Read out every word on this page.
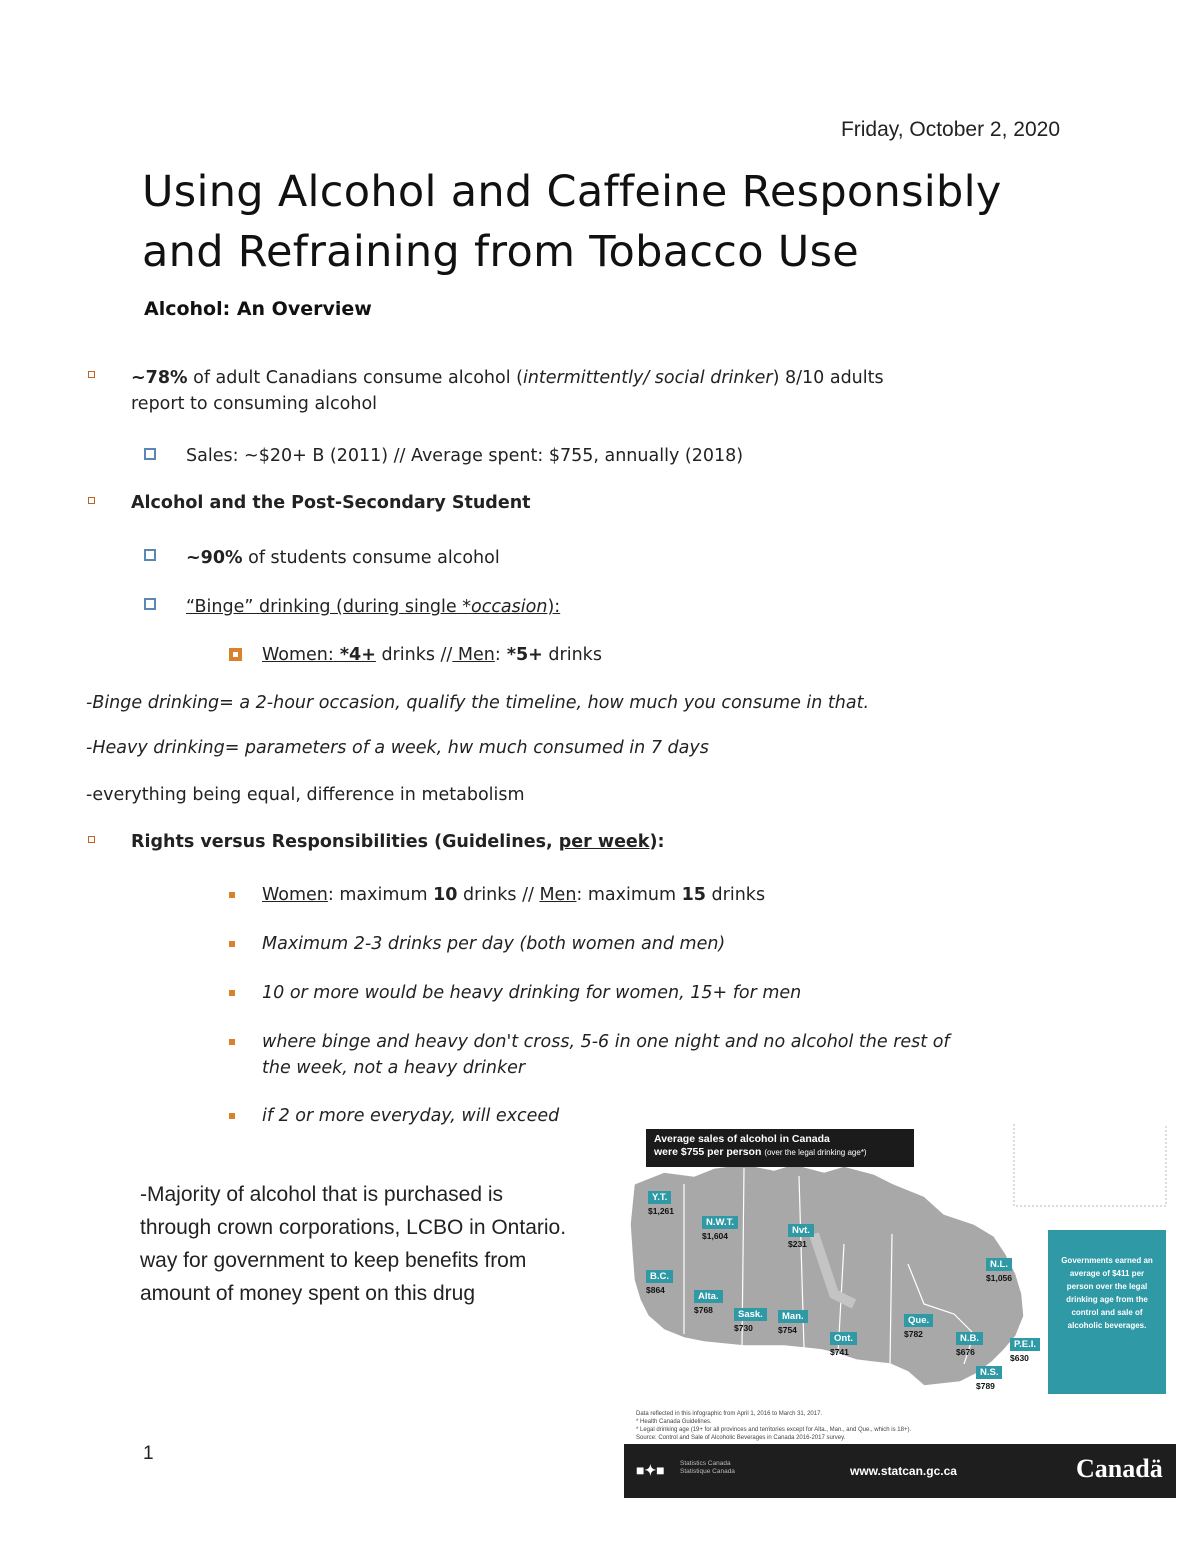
Friday, October 2, 2020
Using Alcohol and Caffeine Responsibly
and Refraining from Tobacco Use
Alcohol: An Overview
~78% of adult Canadians consume alcohol (intermittently/ social drinker) 8/10 adults
report to consuming alcohol
Sales: ~$20+ B (2011) // Average spent: $755, annually (2018)
Alcohol and the Post-Secondary Student
~90% of students consume alcohol
“Binge” drinking (during single *occasion):
Women: *4+ drinks // Men: *5+ drinks
-Binge drinking= a 2-hour occasion, qualify the timeline, how much you consume in that.
-Heavy drinking= parameters of a week, hw much consumed in 7 days
-everything being equal, difference in metabolism
Rights versus Responsibilities (Guidelines, per week):
Women: maximum 10 drinks // Men: maximum 15 drinks
Maximum 2-3 drinks per day (both women and men)
10 or more would be heavy drinking for women, 15+ for men
where binge and heavy don't cross, 5-6 in one night and no alcohol the rest of
the week, not a heavy drinker
if 2 or more everyday, will exceed
-Majority of alcohol that is purchased is through crown corporations, LCBO in Ontario. way for government to keep benefits from amount of money spent on this drug
1
Average sales of alcohol in Canada
were $755 per person (over the legal drinking age*)
Y.T.
$1,261
N.W.T.
$1,604	Nvt.
$231
B.C.
$864
Alta.
$768	Sask.
$730
Man.
$754
Ont.
$741
Que.
$782
N.L.
$1,056
N.B.
$676
P.E.I.
$630
N.S.
$789
Governments earned an average of $411 per person over the legal drinking age from the control and sale of alcoholic beverages.
Data reflected in this infographic from April 1, 2016 to March 31, 2017.
* Health Canada Guidelines.
* Legal drinking age (19+ for all provinces and territories except for Alta., Man., and Que., which is 18+).
Source: Control and Sale of Alcoholic Beverages in Canada 2016-2017 survey.
■✦■ Statistics Canada
Statistique Canada	www.statcan.gc.ca	Canadä
